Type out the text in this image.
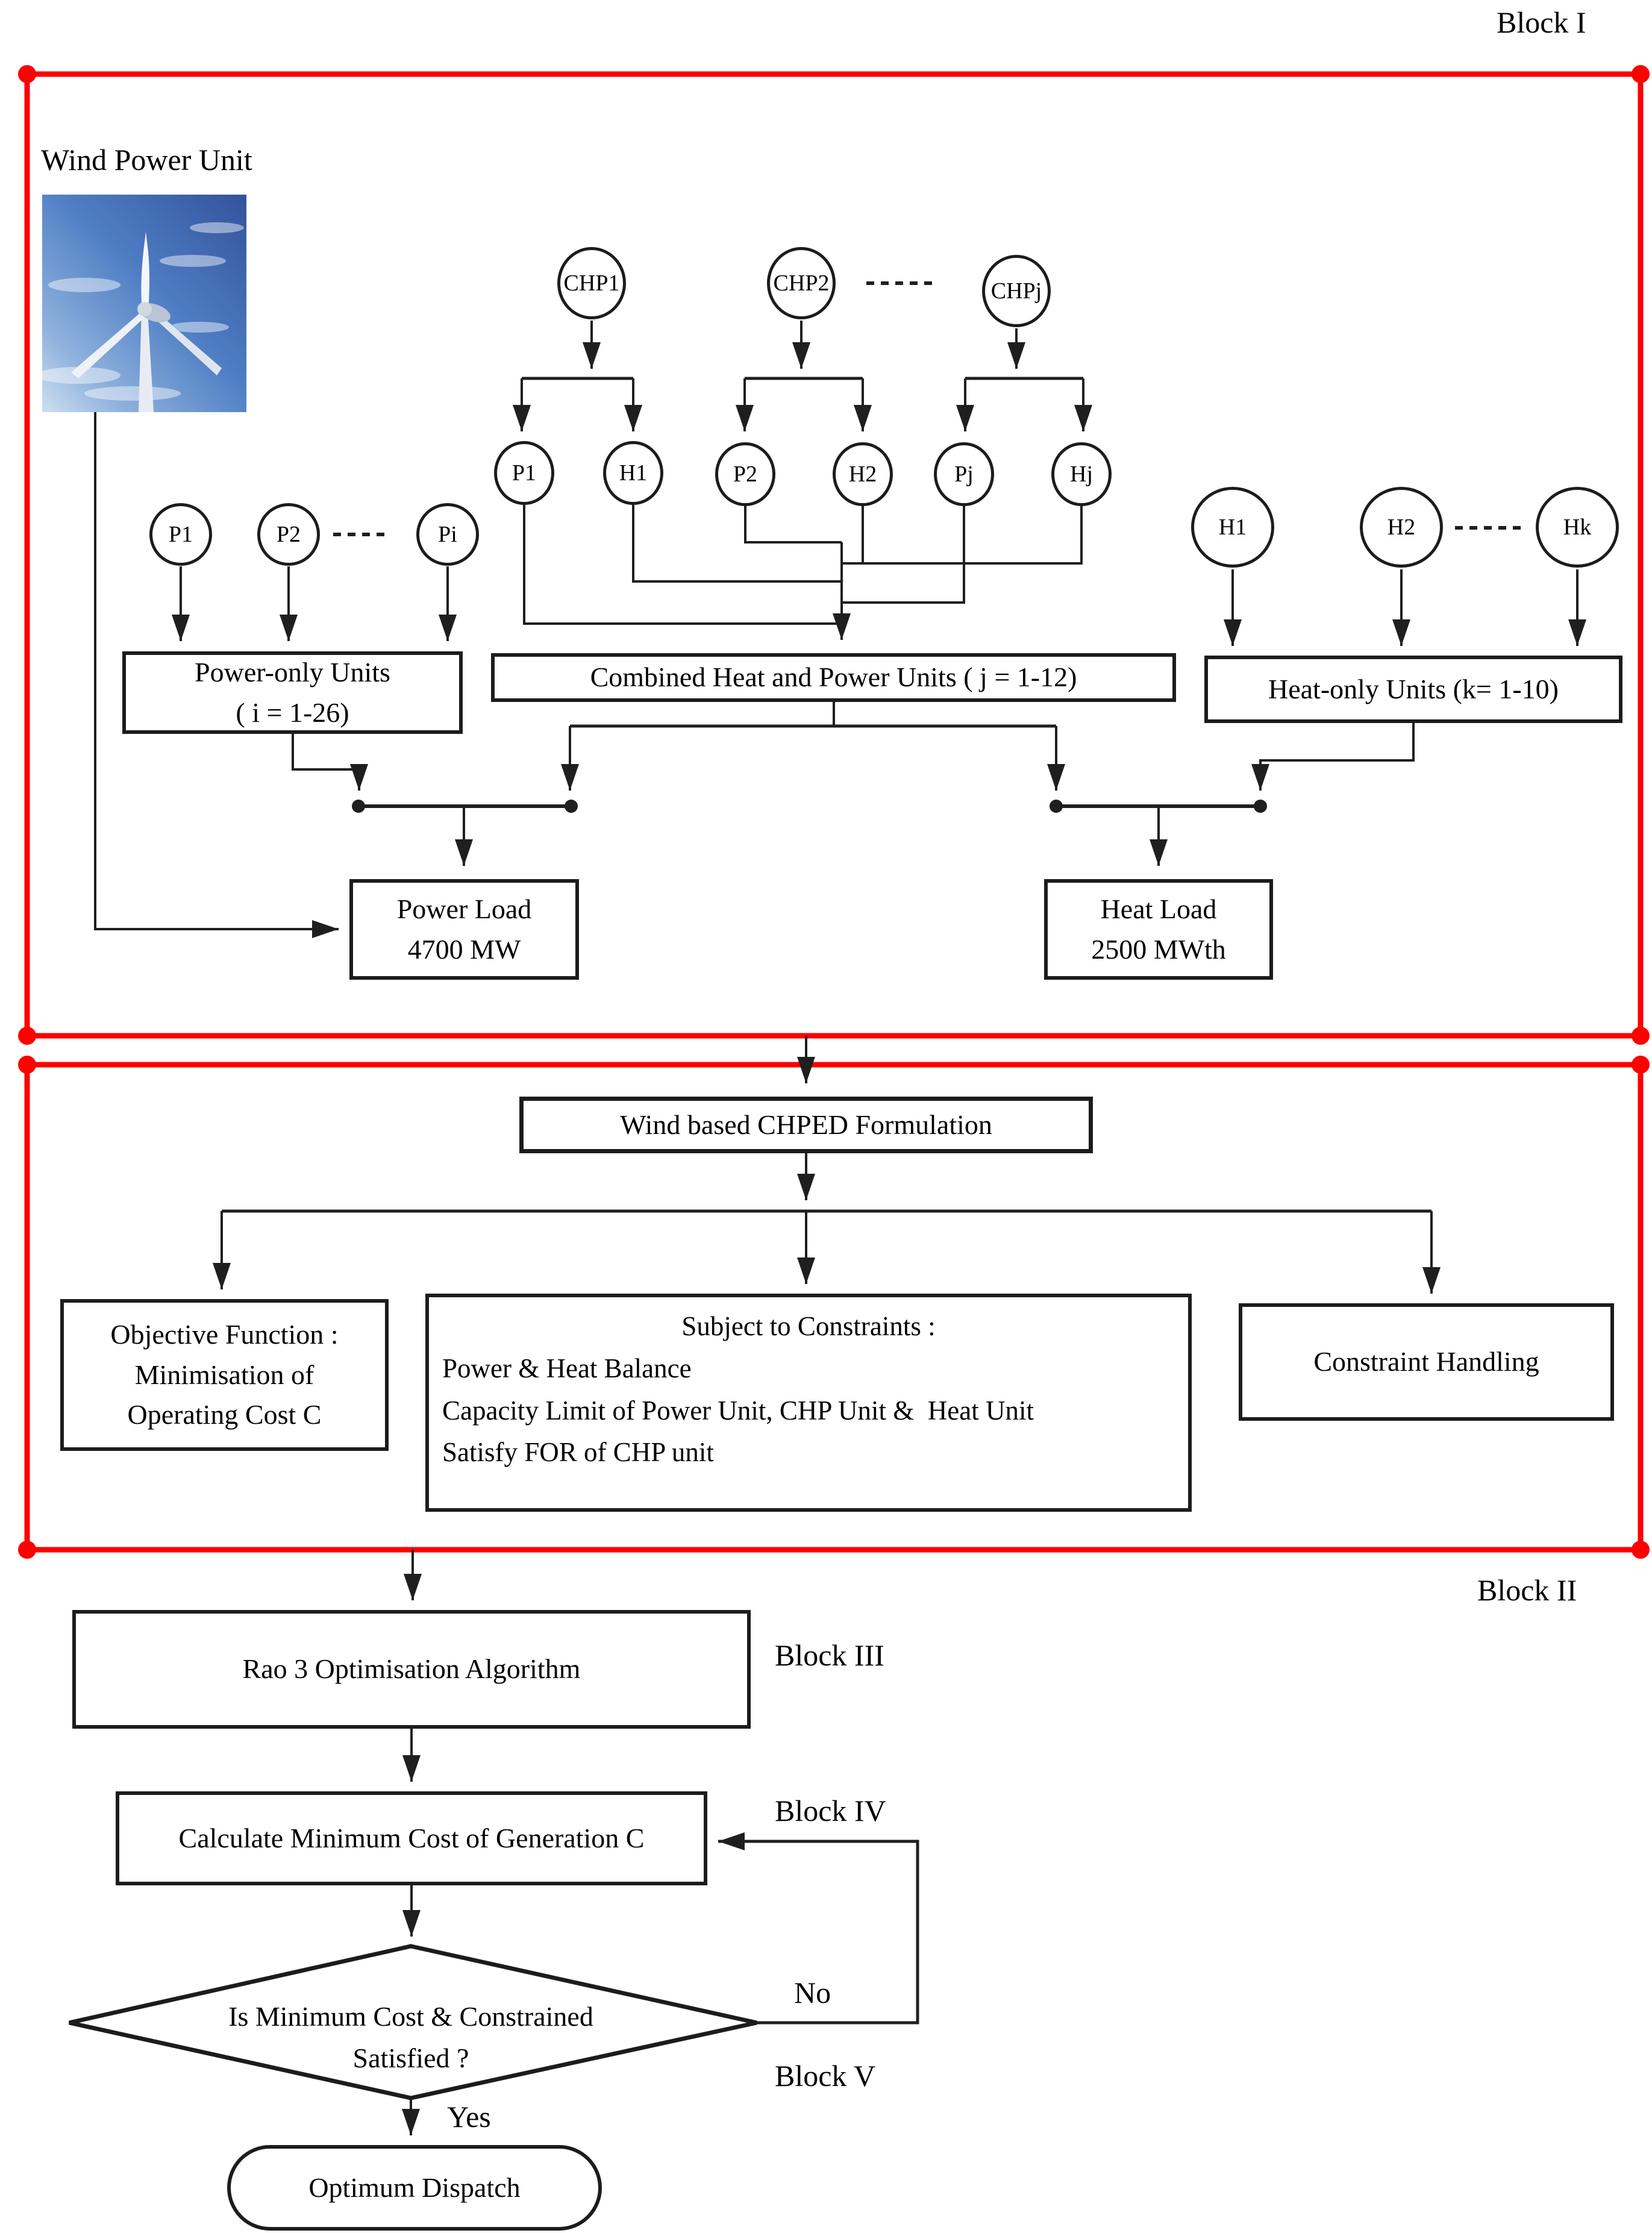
Block I
Block II
Block III
Block IV
Block V
No
Yes
Wind Power Unit
CHP1	CHP2	CHPj
P1	H1	P2	H2	Pj	Hj
P1	P2	Pi	H1	H2	Hk
Power-only Units
( i = 1-26)
Combined Heat and Power Units ( j = 1-12)	Heat-only Units (k= 1-10)
Power Load
4700 MW
Heat Load
2500 MWth
Wind based CHPED Formulation
Objective Function :
Minimisation of
Operating Cost C
Subject to Constraints :
Power & Heat Balance
Capacity Limit of Power Unit, CHP Unit &  Heat Unit
Satisfy FOR of CHP unit
Constraint Handling
Rao 3 Optimisation Algorithm
Calculate Minimum Cost of Generation C
Is Minimum Cost & Constrained
Satisfied ?
Optimum Dispatch
